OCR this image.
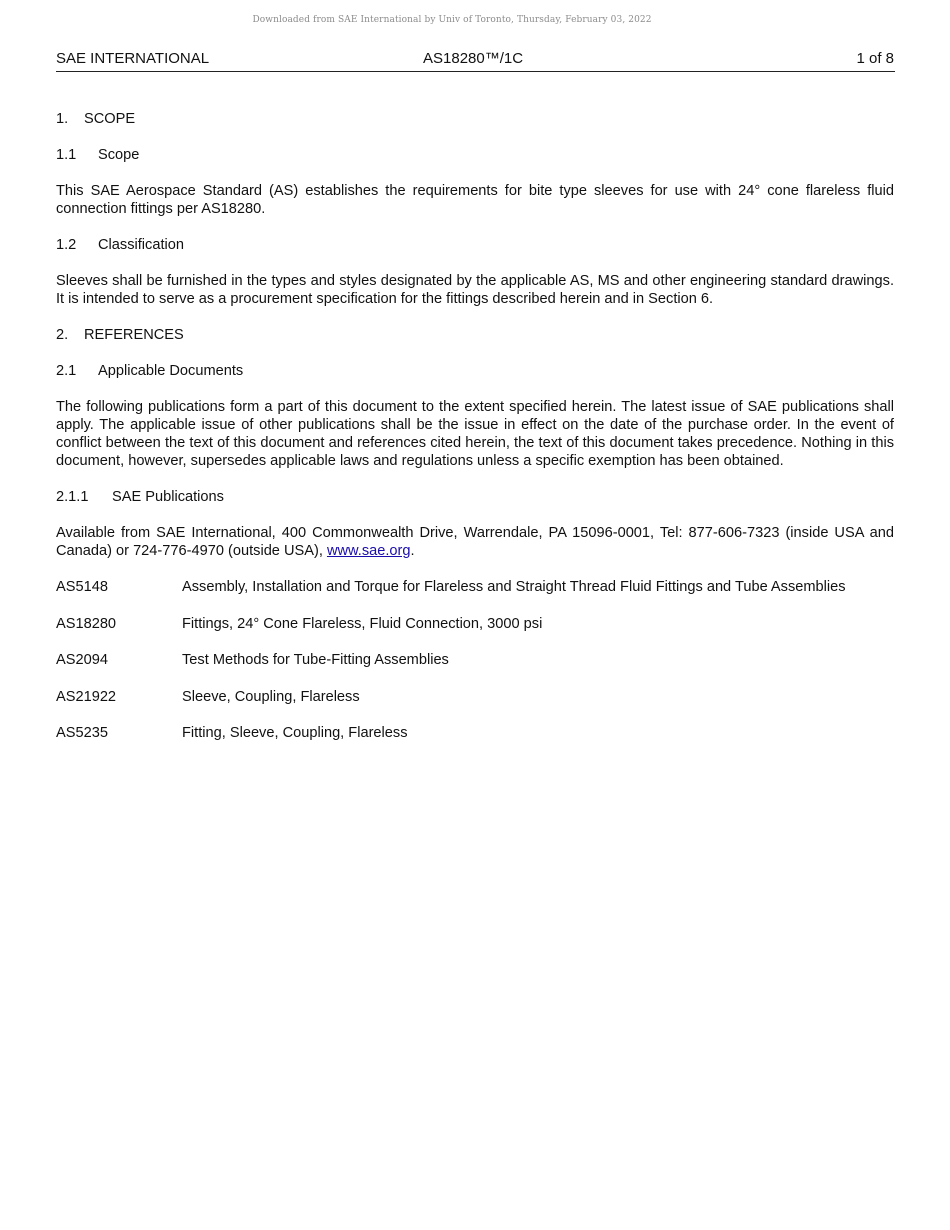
Downloaded from SAE International by Univ of Toronto, Thursday, February 03, 2022
SAE INTERNATIONAL	AS18280™/1C	1 of 8
1. SCOPE
1.1 Scope

This SAE Aerospace Standard (AS) establishes the requirements for bite type sleeves for use with 24° cone flareless fluid connection fittings per AS18280.

1.2 Classification

Sleeves shall be furnished in the types and styles designated by the applicable AS, MS and other engineering standard drawings. It is intended to serve as a procurement specification for the fittings described herein and in Section 6.

2. REFERENCES
2.1 Applicable Documents

The following publications form a part of this document to the extent specified herein. The latest issue of SAE publications shall apply. The applicable issue of other publications shall be the issue in effect on the date of the purchase order. In the event of conflict between the text of this document and references cited herein, the text of this document takes precedence. Nothing in this document, however, supersedes applicable laws and regulations unless a specific exemption has been obtained.

2.1.1 SAE Publications

Available from SAE International, 400 Commonwealth Drive, Warrendale, PA 15096-0001, Tel: 877-606-7323 (inside USA and Canada) or 724-776-4970 (outside USA), www.sae.org.

AS5148	Assembly, Installation and Torque for Flareless and Straight Thread Fluid Fittings and Tube Assemblies
AS18280	Fittings, 24° Cone Flareless, Fluid Connection, 3000 psi
AS2094	Test Methods for Tube-Fitting Assemblies
AS21922	Sleeve, Coupling, Flareless
AS5235	Fitting, Sleeve, Coupling, Flareless
